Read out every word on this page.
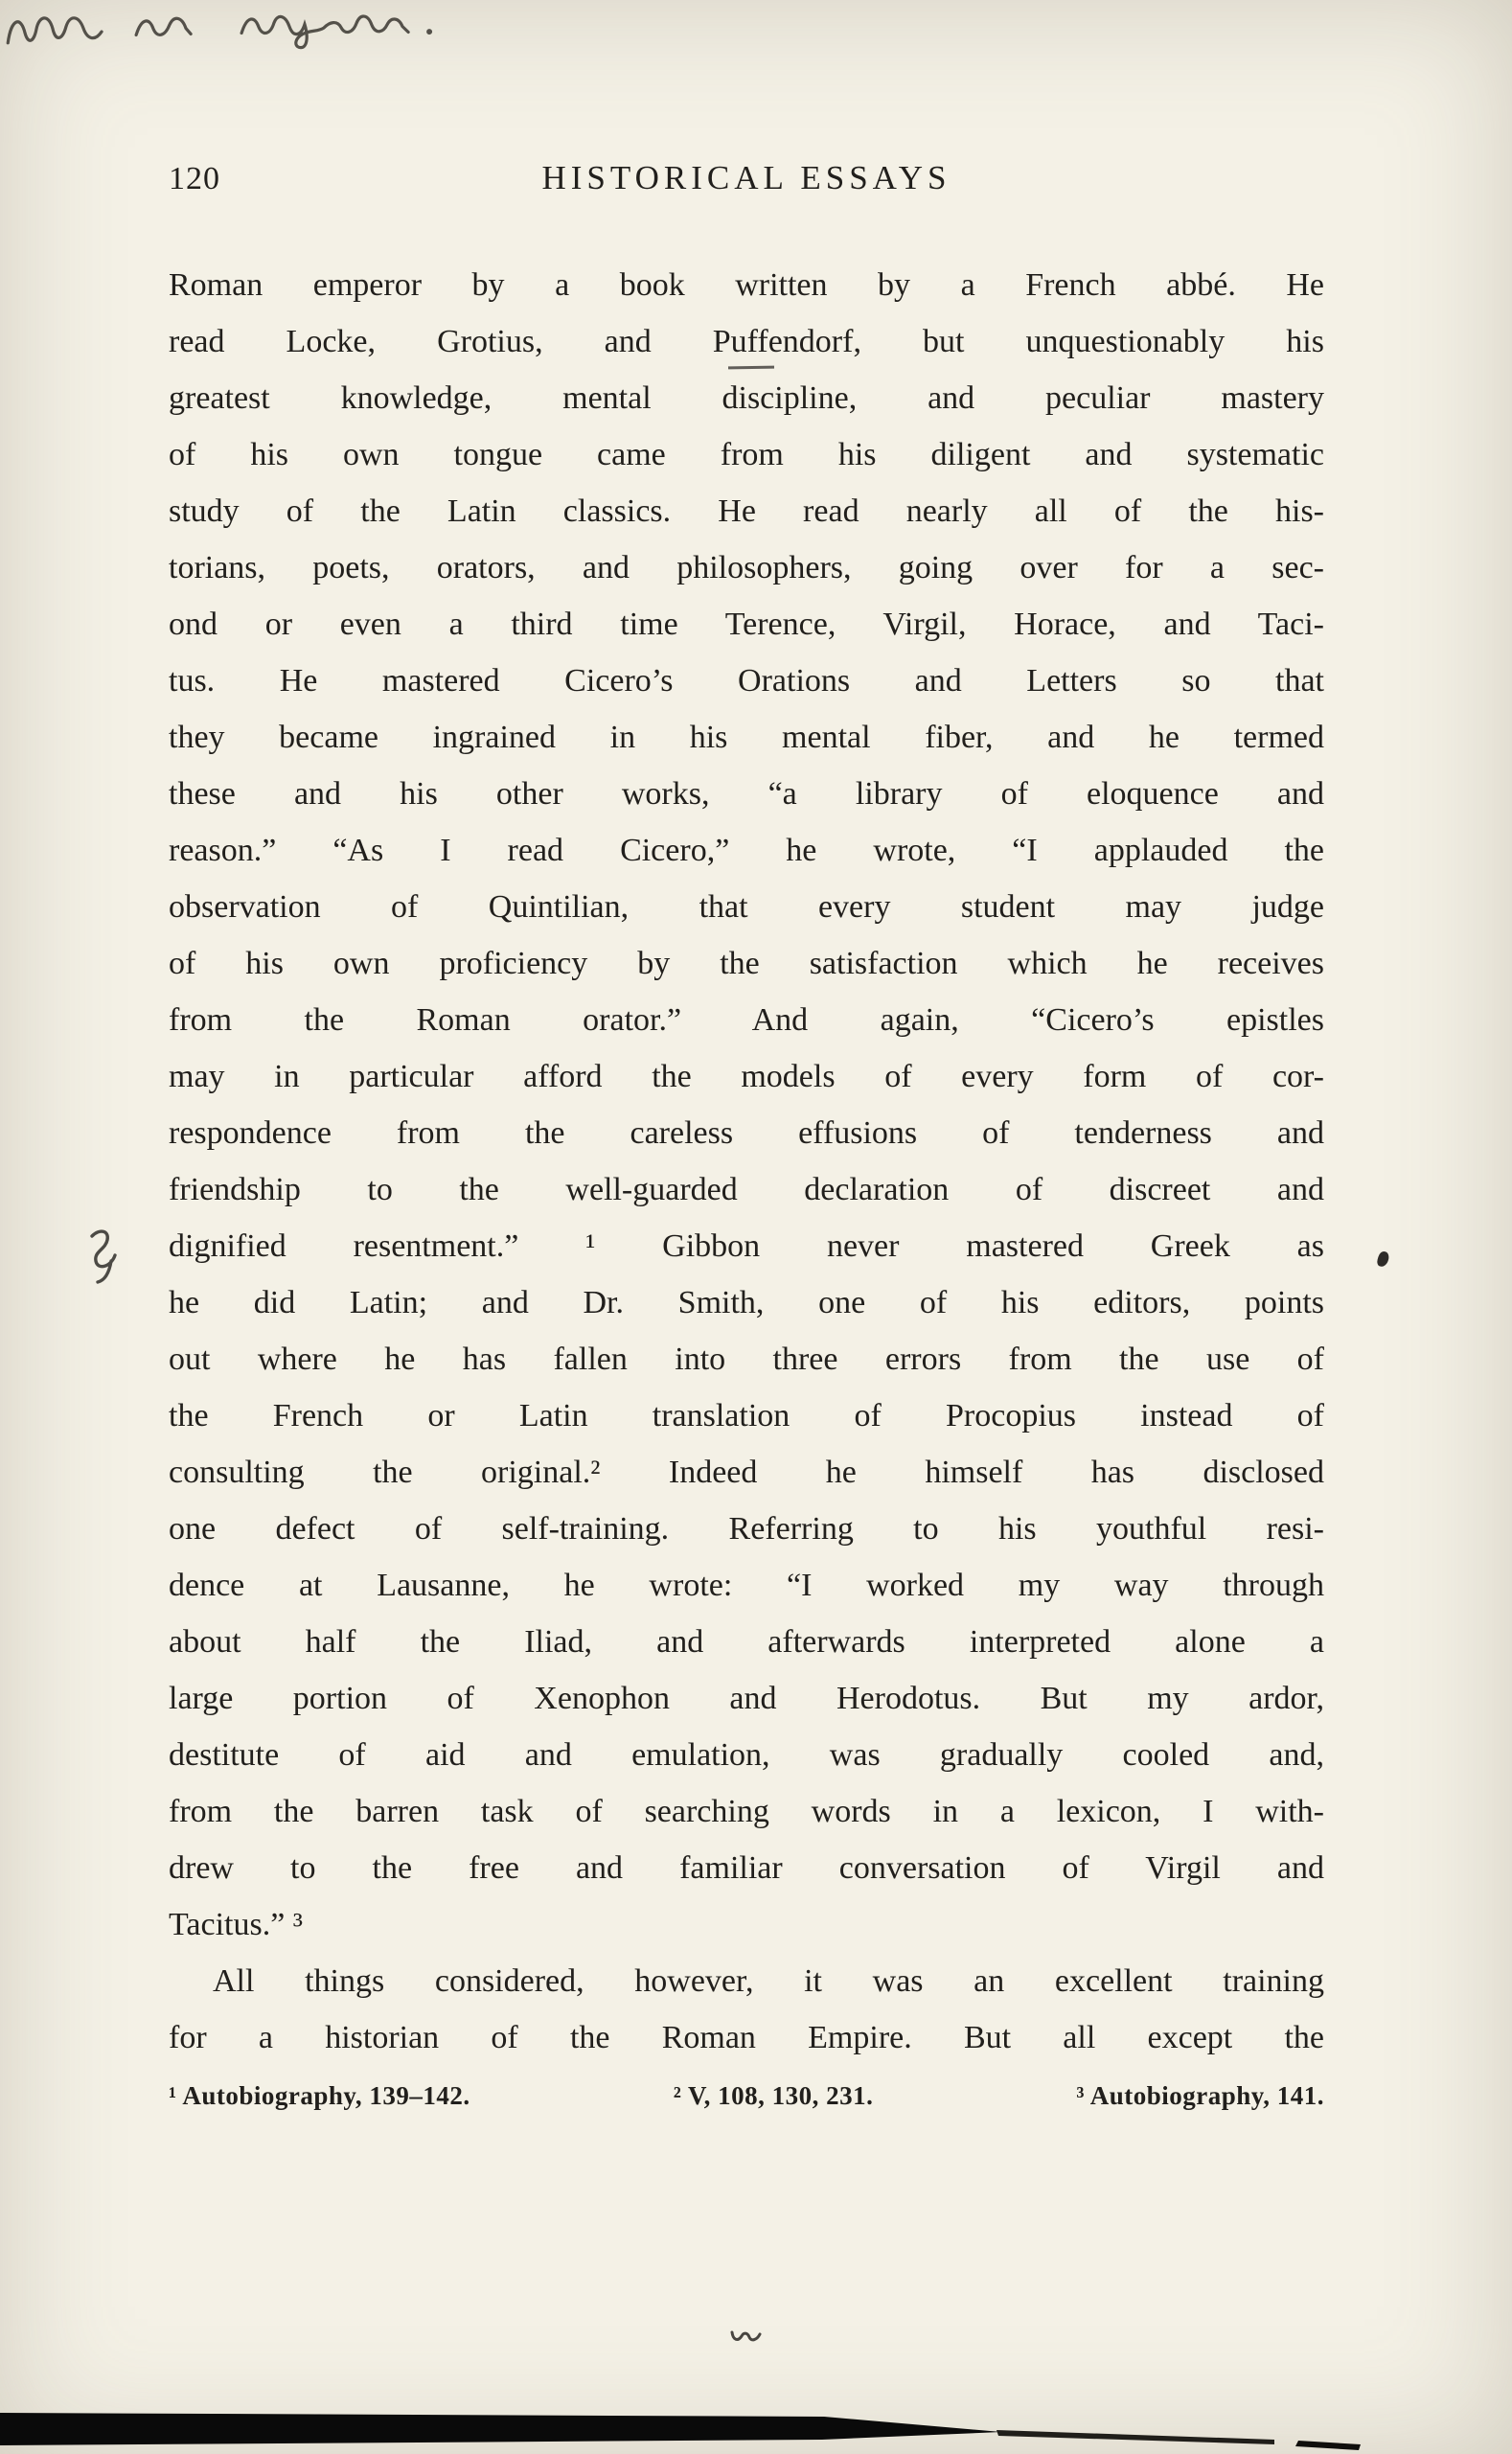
120	HISTORICAL ESSAYS
Roman emperor by a book written by a French abbé. He
read Locke, Grotius, and Puffendorf, but unquestionably his
greatest knowledge, mental discipline, and peculiar mastery
of his own tongue came from his diligent and systematic
study of the Latin classics. He read nearly all of the his-
torians, poets, orators, and philosophers, going over for a sec-
ond or even a third time Terence, Virgil, Horace, and Taci-
tus. He mastered Cicero’s Orations and Letters so that
they became ingrained in his mental fiber, and he termed
these and his other works, “a library of eloquence and
reason.” “As I read Cicero,” he wrote, “I applauded the
observation of Quintilian, that every student may judge
of his own proficiency by the satisfaction which he receives
from the Roman orator.” And again, “Cicero’s epistles
may in particular afford the models of every form of cor-
respondence from the careless effusions of tenderness and
friendship to the well-guarded declaration of discreet and
dignified resentment.” ¹ Gibbon never mastered Greek as
he did Latin; and Dr. Smith, one of his editors, points
out where he has fallen into three errors from the use of
the French or Latin translation of Procopius instead of
consulting the original.² Indeed he himself has disclosed
one defect of self-training. Referring to his youthful resi-
dence at Lausanne, he wrote: “I worked my way through
about half the Iliad, and afterwards interpreted alone a
large portion of Xenophon and Herodotus. But my ardor,
destitute of aid and emulation, was gradually cooled and,
from the barren task of searching words in a lexicon, I with-
drew to the free and familiar conversation of Virgil and
Tacitus.” ³
All things considered, however, it was an excellent training
for a historian of the Roman Empire. But all except the
¹ Autobiography, 139–142.	² V, 108, 130, 231.	³ Autobiography, 141.
